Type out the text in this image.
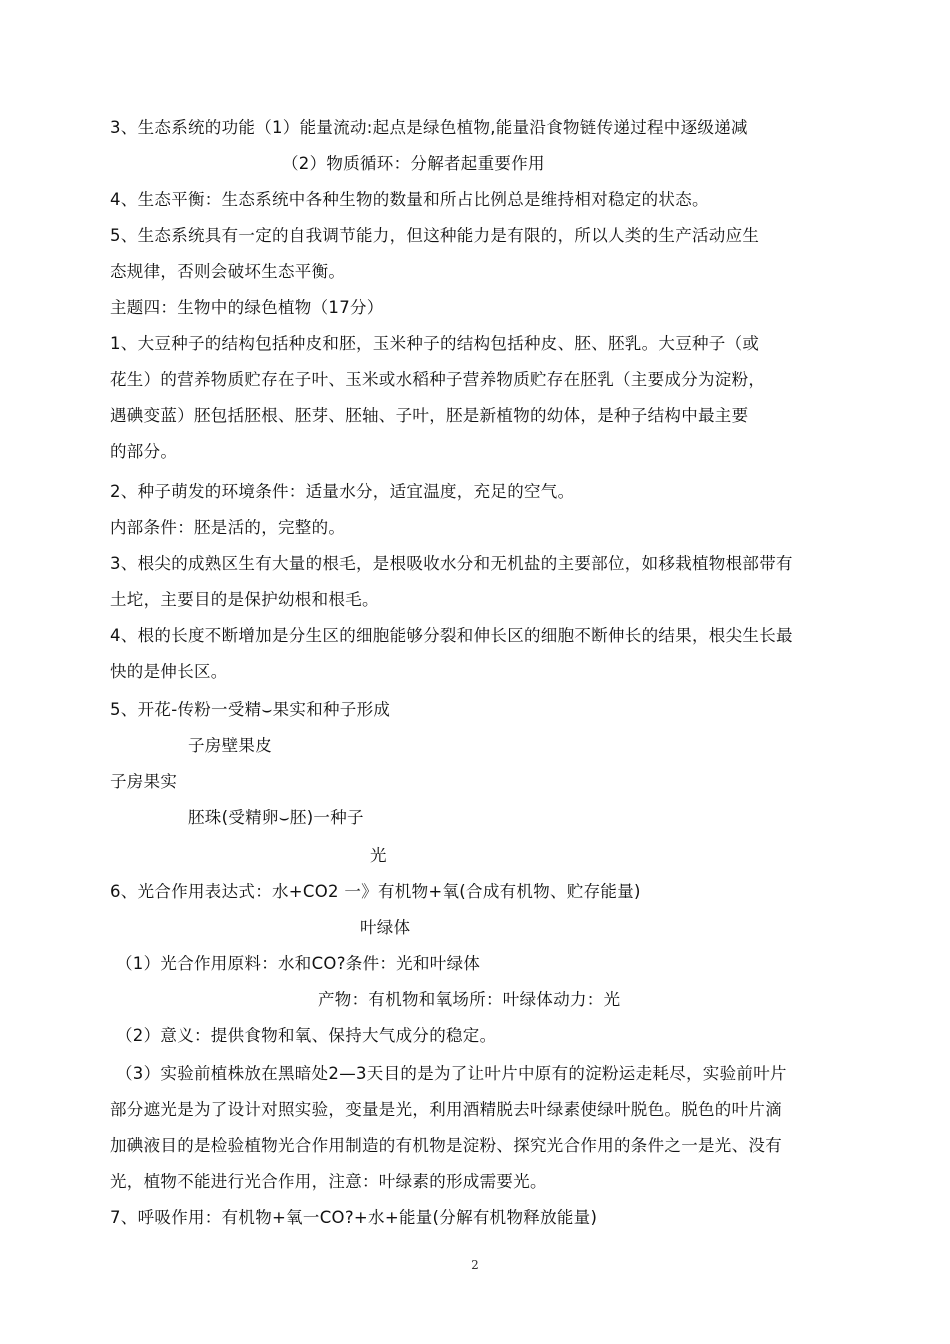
3、生态系统的功能（1）能量流动:起点是绿色植物,能量沿食物链传递过程中逐级递减
（2）物质循环：分解者起重要作用
4、生态平衡：生态系统中各种生物的数量和所占比例总是维持相对稳定的状态。
5、生态系统具有一定的自我调节能力，但这种能力是有限的，所以人类的生产活动应生
态规律，否则会破坏生态平衡。
主题四：生物中的绿色植物（17分）
1、大豆种子的结构包括种皮和胚，玉米种子的结构包括种皮、胚、胚乳。大豆种子（或
花生）的营养物质贮存在子叶、玉米或水稻种子营养物质贮存在胚乳（主要成分为淀粉，
遇碘变蓝）胚包括胚根、胚芽、胚轴、子叶，胚是新植物的幼体，是种子结构中最主要
的部分。
2、种子萌发的环境条件：适量水分，适宜温度，充足的空气。
内部条件：胚是活的，完整的。
3、根尖的成熟区生有大量的根毛，是根吸收水分和无机盐的主要部位，如移栽植物根部带有
土坨，主要目的是保护幼根和根毛。
4、根的长度不断增加是分生区的细胞能够分裂和伸长区的细胞不断伸长的结果，根尖生长最
快的是伸长区。
5、开花-传粉一受精⌣果实和种子形成
子房壁果皮
子房果实
胚珠(受精卵⌣胚)一种子
光
6、光合作用表达式：水+CO2 一》有机物+氧(合成有机物、贮存能量)
叶绿体
（1）光合作用原料：水和CO?条件：光和叶绿体
产物：有机物和氧场所：叶绿体动力：光
（2）意义：提供食物和氧、保持大气成分的稳定。
（3）实验前植株放在黑暗处2—3天目的是为了让叶片中原有的淀粉运走耗尽，实验前叶片
部分遮光是为了设计对照实验，变量是光，利用酒精脱去叶绿素使绿叶脱色。脱色的叶片滴
加碘液目的是检验植物光合作用制造的有机物是淀粉、探究光合作用的条件之一是光、没有
光，植物不能进行光合作用，注意：叶绿素的形成需要光。
7、呼吸作用：有机物+氧一CO?+水+能量(分解有机物释放能量)
2
